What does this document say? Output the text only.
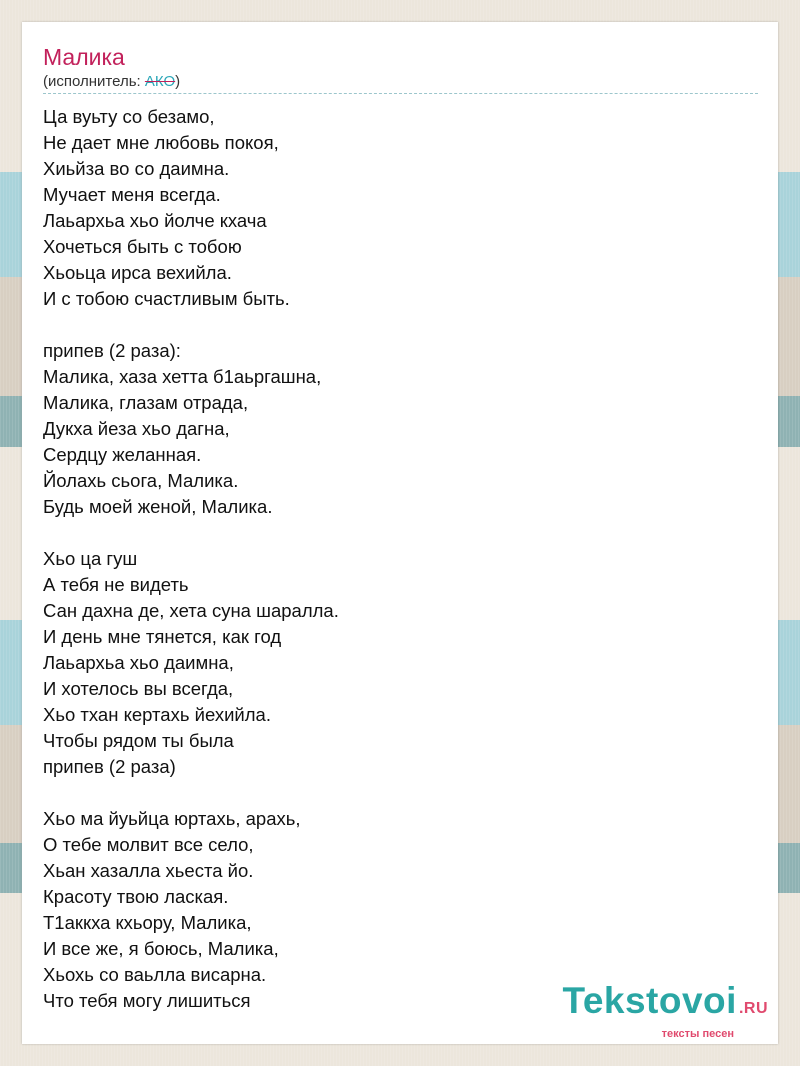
Малика
(исполнитель: АКО)
Ца вуьту со безамо,
Не дает мне любовь покоя,
Хиьйза во со даимна.
Мучает меня всегда.
Лаьархьа хьо йолче кхача
Хочеться быть с тобою
Хьоьца ирса вехийла.
И с тобою счастливым быть.
припев (2 раза):
Малика, хаза хетта б1аьргашна,
Малика, глазам отрада,
Дукха йеза хьо дагна,
Сердцу желанная.
Йолахь сьога, Малика.
Будь моей женой, Малика.
Хьо ца гуш
А тебя не видеть
Сан дахна де, хета суна шаралла.
И день мне тянется, как год
Лаьархьа хьо даимна,
И хотелось вы всегда,
Хьо тхан кертахь йехийла.
Чтобы рядом ты была
припев (2 раза)
Хьо ма йуьйца юртахь, арахь,
О тебе молвит все село,
Хьан хазалла хьеста йо.
Красоту твою лаская.
Т1аккха кхьору, Малика,
И все же, я боюсь, Малика,
Хьохь со ваьлла висарна.
Что тебя могу лишиться	Tekstovoi .RU
тексты песен
